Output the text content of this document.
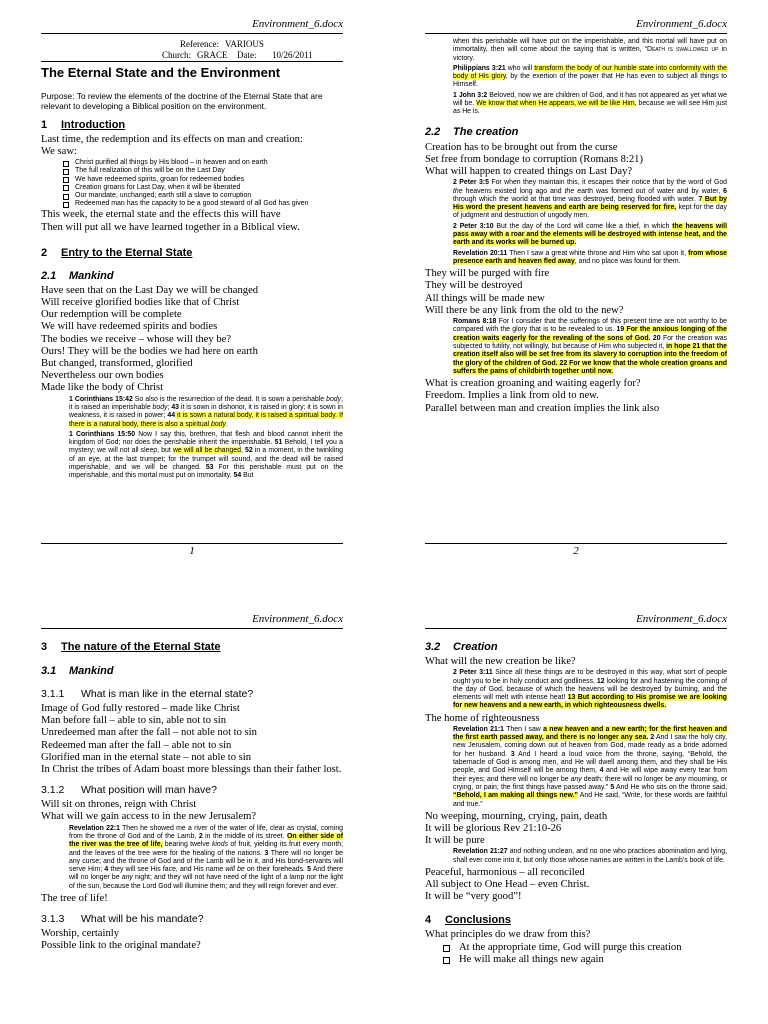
Environment_6.docx
Reference: VARIOUS
Church: GRACE	Date:	10/26/2011
The Eternal State and the Environment
Purpose: To review the elements of the doctrine of the Eternal State that are relevant to developing a Biblical position on the environment.
1 Introduction
Last time, the redemption and its effects on man and creation:
We saw:
Christ purified all things by His blood – in heaven and on earth
The full realization of this will be on the Last Day
We have redeemed spirits, groan for redeemed bodies
Creation groans for Last Day, when it will be liberated
Our mandate, unchanged; earth still a slave to corruption
Redeemed man has the capacity to be a good steward of all God has given
This week, the eternal state and the effects this will have
Then will put all we have learned together in a Biblical view.
2 Entry to the Eternal State
2.1 Mankind
Have seen that on the Last Day we will be changed
Will receive glorified bodies like that of Christ
Our redemption will be complete
We will have redeemed spirits and bodies
The bodies we receive – whose will they be?
Ours! They will be the bodies we had here on earth
But changed, transformed, glorified
Nevertheless our own bodies
Made like the body of Christ
1 Corinthians 15:42 So also is the resurrection of the dead. It is sown a perishable body, it is raised an imperishable body; 43 it is sown in dishonor, it is raised in glory; it is sown in weakness, it is raised in power; 44 it is sown a natural body, it is raised a spiritual body. If there is a natural body, there is also a spiritual body.
1 Corinthians 15:50 Now I say this, brethren, that flesh and blood cannot inherit the kingdom of God; nor does the perishable inherit the imperishable. 51 Behold, I tell you a mystery; we will not all sleep, but we will all be changed, 52 in a moment, in the twinkling of an eye, at the last trumpet; for the trumpet will sound, and the dead will be raised imperishable, and we will be changed. 53 For this perishable must put on the imperishable, and this mortal must put on immortality. 54 But
1
Environment_6.docx
when this perishable will have put on the imperishable, and this mortal will have put on immortality, then will come about the saying that is written, “Death is swallowed up in victory.
Philippians 3:21 who will transform the body of our humble state into conformity with the body of His glory, by the exertion of the power that He has even to subject all things to Himself.
1 John 3:2 Beloved, now we are children of God, and it has not appeared as yet what we will be. We know that when He appears, we will be like Him, because we will see Him just as He is.
2.2 The creation
Creation has to be brought out from the curse
Set free from bondage to corruption (Romans 8:21)
What will happen to created things on Last Day?
2 Peter 3:5 For when they maintain this, it escapes their notice that by the word of God the heavens existed long ago and the earth was formed out of water and by water, 6 through which the world at that time was destroyed, being flooded with water. 7 But by His word the present heavens and earth are being reserved for fire, kept for the day of judgment and destruction of ungodly men.
2 Peter 3:10 But the day of the Lord will come like a thief, in which the heavens will pass away with a roar and the elements will be destroyed with intense heat, and the earth and its works will be burned up.
Revelation 20:11 Then I saw a great white throne and Him who sat upon it, from whose presence earth and heaven fled away, and no place was found for them.
They will be purged with fire
They will be destroyed
All things will be made new
Will there be any link from the old to the new?
Romans 8:18 For I consider that the sufferings of this present time are not worthy to be compared with the glory that is to be revealed to us. 19 For the anxious longing of the creation waits eagerly for the revealing of the sons of God. 20 For the creation was subjected to futility, not willingly, but because of Him who subjected it, in hope 21 that the creation itself also will be set free from its slavery to corruption into the freedom of the glory of the children of God. 22 For we know that the whole creation groans and suffers the pains of childbirth together until now.
What is creation groaning and waiting eagerly for?
Freedom. Implies a link from old to new.
Parallel between man and creation implies the link also
2
Environment_6.docx
3 The nature of the Eternal State
3.1 Mankind
3.1.1 What is man like in the eternal state?
Image of God fully restored – made like Christ
Man before fall – able to sin, able not to sin
Unredeemed man after the fall – not able not to sin
Redeemed man after the fall – able not to sin
Glorified man in the eternal state – not able to sin
In Christ the tribes of Adam boast more blessings than their father lost.
3.1.2 What position will man have?
Will sit on thrones, reign with Christ
What will we gain access to in the new Jerusalem?
Revelation 22:1 Then he showed me a river of the water of life, clear as crystal, coming from the throne of God and of the Lamb, 2 in the middle of its street. On either side of the river was the tree of life, bearing twelve kinds of fruit, yielding its fruit every month; and the leaves of the tree were for the healing of the nations. 3 There will no longer be any curse; and the throne of God and of the Lamb will be in it, and His bond-servants will serve Him; 4 they will see His face, and His name will be on their foreheads. 5 And there will no longer be any night; and they will not have need of the light of a lamp nor the light of the sun, because the Lord God will illumine them; and they will reign forever and ever.
The tree of life!
3.1.3 What will be his mandate?
Worship, certainly
Possible link to the original mandate?
Environment_6.docx
3.2 Creation
What will the new creation be like?
2 Peter 3:11 Since all these things are to be destroyed in this way, what sort of people ought you to be in holy conduct and godliness, 12 looking for and hastening the coming of the day of God, because of which the heavens will be destroyed by burning, and the elements will melt with intense heat! 13 But according to His promise we are looking for new heavens and a new earth, in which righteousness dwells.
The home of righteousness
Revelation 21:1 Then I saw a new heaven and a new earth; for the first heaven and the first earth passed away, and there is no longer any sea. 2 And I saw the holy city, new Jerusalem, coming down out of heaven from God, made ready as a bride adorned for her husband. 3 And I heard a loud voice from the throne, saying, “Behold, the tabernacle of God is among men, and He will dwell among them, and they shall be His people, and God Himself will be among them, 4 and He will wipe away every tear from their eyes; and there will no longer be any death; there will no longer be any mourning, or crying, or pain; the first things have passed away.” 5 And He who sits on the throne said, “Behold, I am making all things new.” And He said, “Write, for these words are faithful and true.”
No weeping, mourning, crying, pain, death
It will be glorious Rev 21:10-26
It will be pure
Revelation 21:27 and nothing unclean, and no one who practices abomination and lying, shall ever come into it, but only those whose names are written in the Lamb’s book of life.
Peaceful, harmonious – all reconciled
All subject to One Head – even Christ.
It will be “very good”!
4 Conclusions
What principles do we draw from this?
At the appropriate time, God will purge this creation
He will make all things new again
